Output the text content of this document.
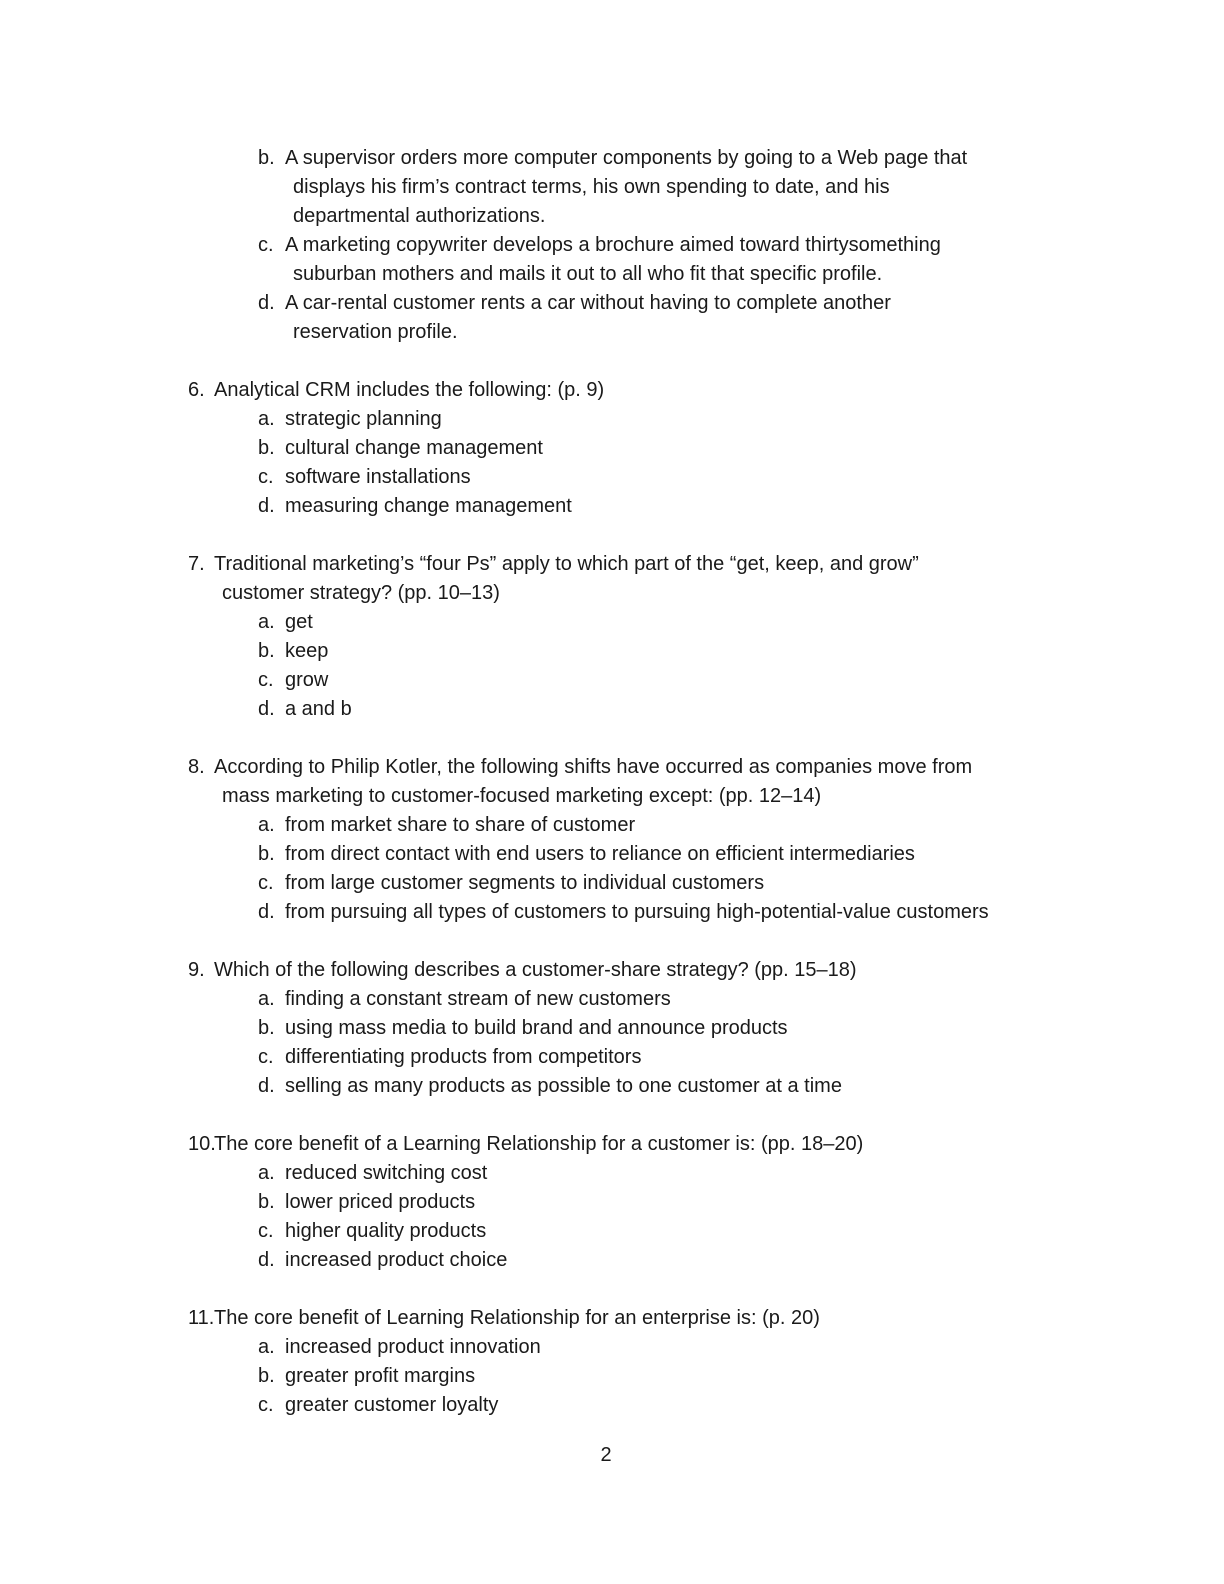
b. A supervisor orders more computer components by going to a Web page that
displays his firm’s contract terms, his own spending to date, and his
departmental authorizations.
c. A marketing copywriter develops a brochure aimed toward thirtysomething
suburban mothers and mails it out to all who fit that specific profile.
d. A car-rental customer rents a car without having to complete another
reservation profile.
6. Analytical CRM includes the following: (p. 9)
a. strategic planning
b. cultural change management
c. software installations
d. measuring change management
7. Traditional marketing’s “four Ps” apply to which part of the “get, keep, and grow”
customer strategy? (pp. 10–13)
a. get
b. keep
c. grow
d. a and b
8. According to Philip Kotler, the following shifts have occurred as companies move from
mass marketing to customer-focused marketing except: (pp. 12–14)
a. from market share to share of customer
b. from direct contact with end users to reliance on efficient intermediaries
c. from large customer segments to individual customers
d. from pursuing all types of customers to pursuing high-potential-value customers
9. Which of the following describes a customer-share strategy? (pp. 15–18)
a. finding a constant stream of new customers
b. using mass media to build brand and announce products
c. differentiating products from competitors
d. selling as many products as possible to one customer at a time
10.
The core benefit of a Learning Relationship for a customer is: (pp. 18–20)
a. reduced switching cost
b. lower priced products
c. higher quality products
d. increased product choice
11. The core benefit of Learning Relationship for an enterprise is: (p. 20)
a. increased product innovation
b. greater profit margins
c. greater customer loyalty
2
